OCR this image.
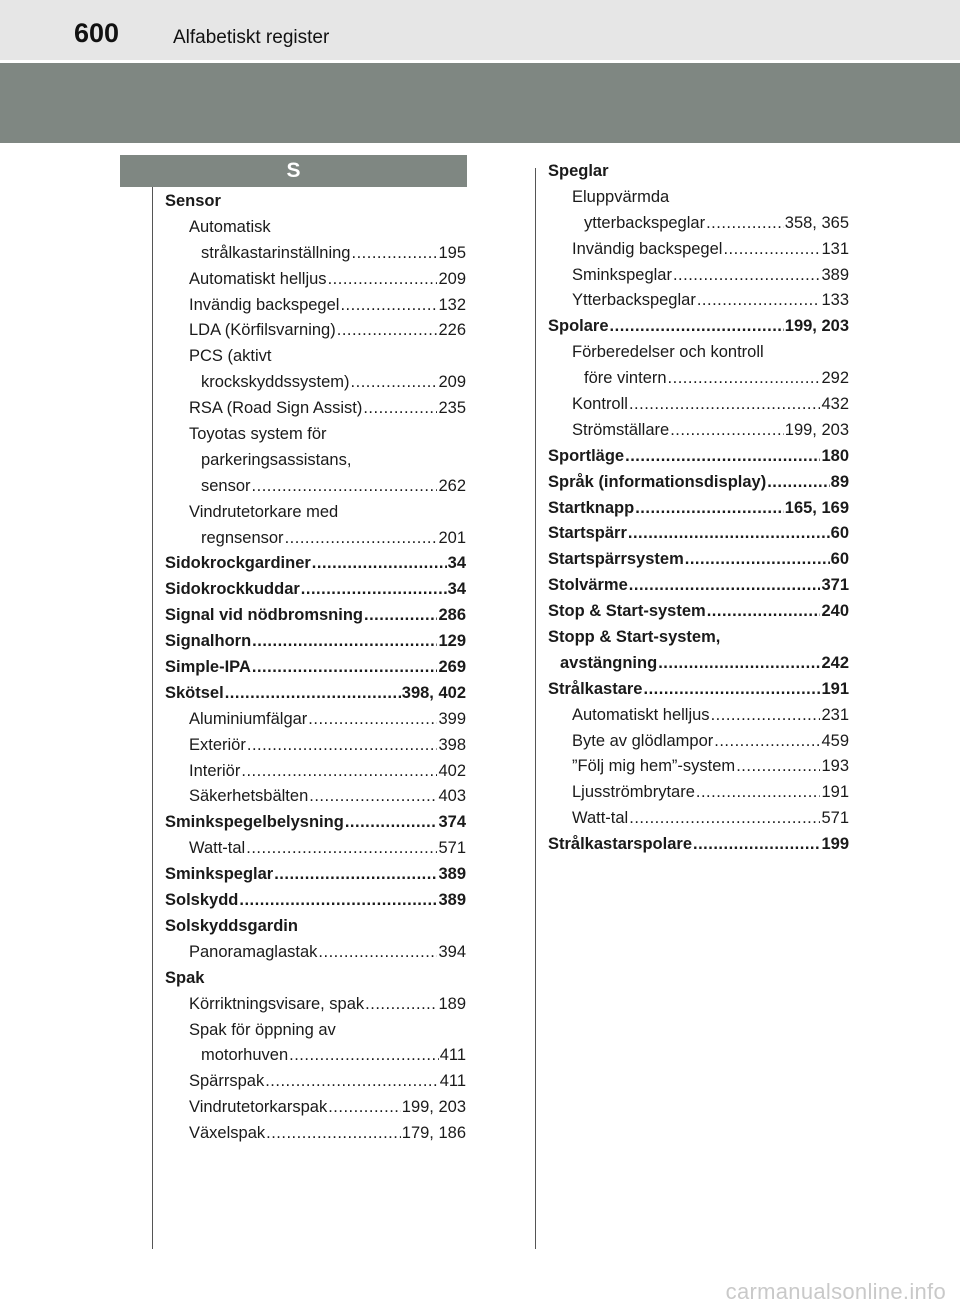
600	Alfabetiskt register
S
Sensor
Automatisk
strålkastarinställning .....	195
Automatiskt helljus .....	209
Invändig backspegel .....	132
LDA (Körfilsvarning) .....	226
PCS (aktivt
krockskyddssystem) .....	209
RSA (Road Sign Assist) .....	235
Toyotas system för
parkeringsassistans,
sensor .....	262
Vindrutetorkare med
regnsensor .....	201
Sidokrockgardiner .....	34
Sidokrockkuddar .....	34
Signal vid nödbromsning .....	286
Signalhorn .....	129
Simple-IPA .....	269
Skötsel .....	398, 402
Aluminiumfälgar .....	399
Exteriör .....	398
Interiör .....	402
Säkerhetsbälten .....	403
Sminkspegelbelysning .....	374
Watt-tal .....	571
Sminkspeglar .....	389
Solskydd .....	389
Solskyddsgardin
Panoramaglastak .....	394
Spak
Körriktningsvisare, spak .....	189
Spak för öppning av
motorhuven .....	411
Spärrspak .....	411
Vindrutetorkarspak .....	199, 203
Växelspak .....	179, 186
Speglar
Eluppvärmda
ytterbackspeglar .....	358, 365
Invändig backspegel .....	131
Sminkspeglar .....	389
Ytterbackspeglar .....	133
Spolare .....	199, 203
Förberedelser och kontroll
före vintern .....	292
Kontroll .....	432
Strömställare .....	199, 203
Sportläge .....	180
Språk (informationsdisplay) .....	89
Startknapp .....	165, 169
Startspärr .....	60
Startspärrsystem .....	60
Stolvärme .....	371
Stop & Start-system .....	240
Stopp & Start-system,
avstängning .....	242
Strålkastare .....	191
Automatiskt helljus .....	231
Byte av glödlampor .....	459
”Följ mig hem”-system .....	193
Ljusströmbrytare .....	191
Watt-tal .....	571
Strålkastarspolare .....	199
carmanualsonline.info
